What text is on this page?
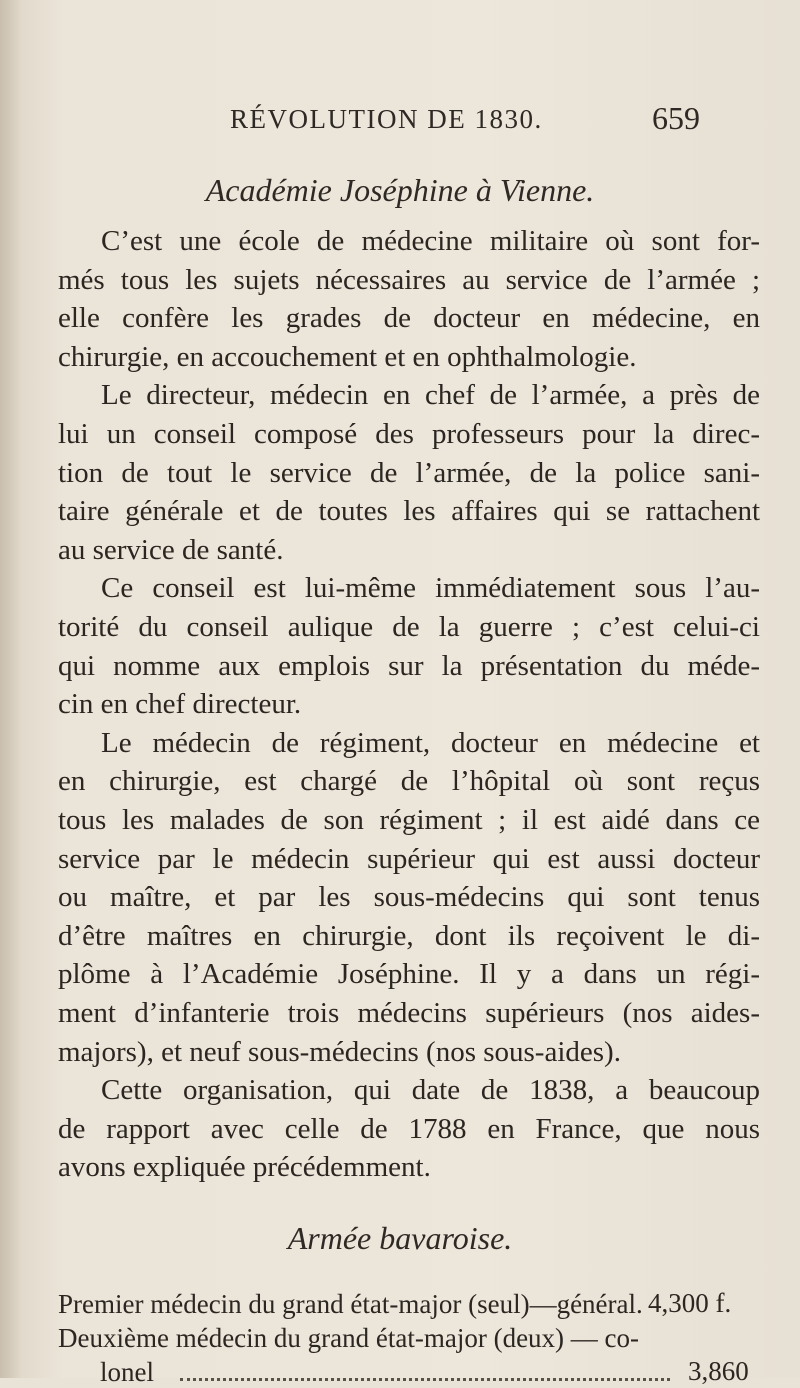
RÉVOLUTION DE 1830.	659
Académie Joséphine à Vienne.
C’est une école de médecine militaire où sont for-
més tous les sujets nécessaires au service de l’armée ;
elle confère les grades de docteur en médecine, en
chirurgie, en accouchement et en ophthalmologie.
Le directeur, médecin en chef de l’armée, a près de
lui un conseil composé des professeurs pour la direc-
tion de tout le service de l’armée, de la police sani-
taire générale et de toutes les affaires qui se rattachent
au service de santé.
Ce conseil est lui-même immédiatement sous l’au-
torité du conseil aulique de la guerre ; c’est celui-ci
qui nomme aux emplois sur la présentation du méde-
cin en chef directeur.
Le médecin de régiment, docteur en médecine et
en chirurgie, est chargé de l’hôpital où sont reçus
tous les malades de son régiment ; il est aidé dans ce
service par le médecin supérieur qui est aussi docteur
ou maître, et par les sous-médecins qui sont tenus
d’être maîtres en chirurgie, dont ils reçoivent le di-
plôme à l’Académie Joséphine. Il y a dans un régi-
ment d’infanterie trois médecins supérieurs (nos aides-
majors), et neuf sous-médecins (nos sous-aides).
Cette organisation, qui date de 1838, a beaucoup
de rapport avec celle de 1788 en France, que nous
avons expliquée précédemment.
Armée bavaroise.
Premier médecin du grand état-major (seul)—général. 4,300 f.
Deuxième médecin du grand état-major (deux) — co-
lonel	3,860
